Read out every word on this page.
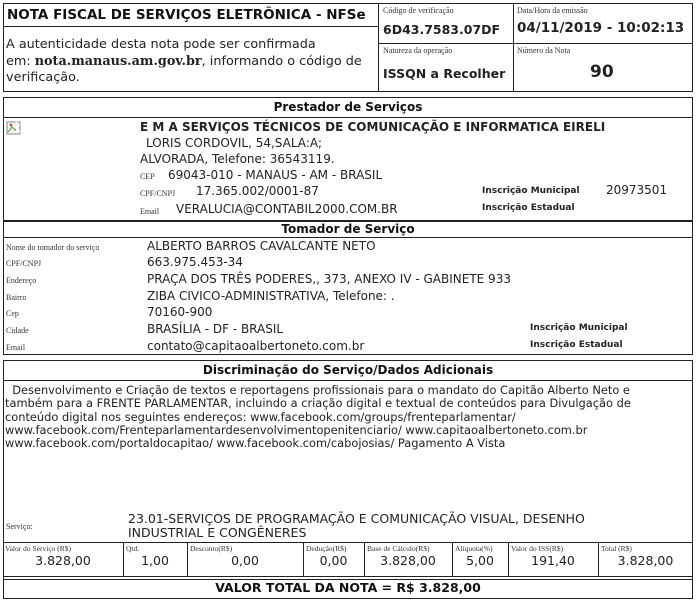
NOTA FISCAL DE SERVIÇOS ELETRÔNICA - NFSe
A autenticidade desta nota pode ser confirmada
em: nota.manaus.am.gov.br, informando o código de
verificação.
Código de verificação
6D43.7583.07DF
Data/Hora da emissão
04/11/2019 - 10:02:13
Natureza da operação
ISSQN a Recolher
Número da Nota
90
Prestador de Serviços
E M A SERVIÇOS TÉCNICOS DE COMUNICAÇÃO E INFORMATICA EIRELI
LORIS CORDOVIL, 54,SALA:A;
ALVORADA, Telefone: 36543119.
CEP 69043-010 - MANAUS - AM - BRASIL
CPF/CNPJ 17.365.002/0001-87
Email VERALUCIA@CONTABIL2000.COM.BR
Inscrição Municipal 20973501
Inscrição Estadual
Tomador de Serviço
Nome do tomador do serviço	ALBERTO BARROS CAVALCANTE NETO
CPF/CNPJ	663.975.453-34
Endereço	PRAÇA DOS TRÊS PODERES,, 373, ANEXO IV - GABINETE 933
Bairro	ZIBA CIVICO-ADMINISTRATIVA, Telefone: .
Cep	70160-900
Cidade	BRASÍLIA - DF - BRASIL
Email	contato@capitaoalbertoneto.com.br
Inscrição Municipal
Inscrição Estadual
Discriminação do Serviço/Dados Adicionais
Desenvolvimento e Criação de textos e reportagens profissionais para o mandato do Capitão Alberto Neto e
também para a FRENTE PARLAMENTAR, incluindo a criação digital e textual de conteúdos para Divulgação de
conteúdo digital nos seguintes endereços: www.facebook.com/groups/frenteparlamentar/
www.facebook.com/Frenteparlamentardesenvolvimentopenitenciario/ www.capitaoalbertoneto.com.br
www.facebook.com/portaldocapitao/ www.facebook.com/cabojosias/ Pagamento A Vista
Serviço:
23.01-SERVIÇOS DE PROGRAMAÇÃO E COMUNICAÇÃO VISUAL, DESENHO
INDUSTRIAL E CONGÊNERES
Valor do Serviço (R$)	Qtd.	Desconto(R$)	Dedução(R$)	Base de Cálculo(R$)	Alíquota(%) Valor do ISS(R$)	Total (R$)
3.828,00	1,00	0,00	0,00	3.828,00	5,00	191,40	3.828,00
VALOR TOTAL DA NOTA = R$ 3.828,00
